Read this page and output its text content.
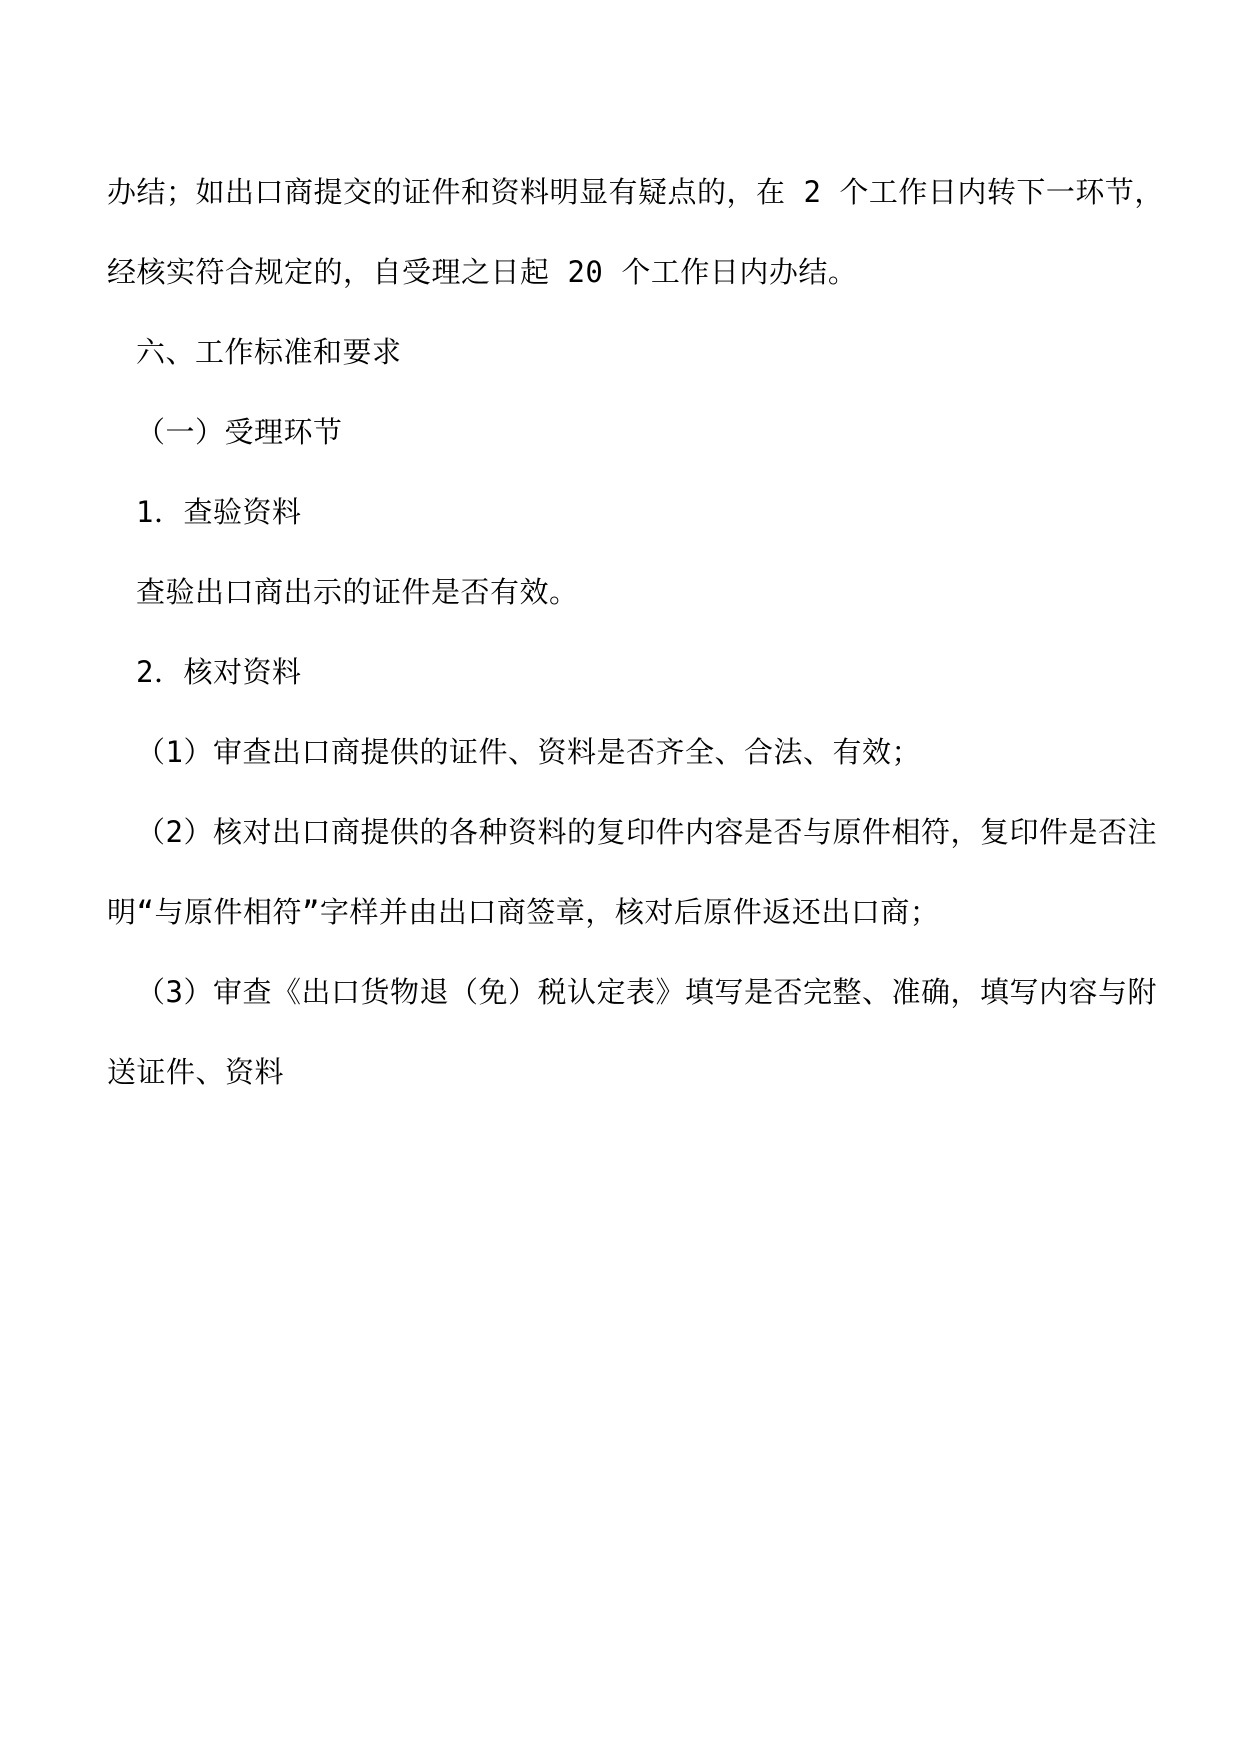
办结；如出口商提交的证件和资料明显有疑点的，在 2 个工作日内转下一环节，
经核实符合规定的，自受理之日起 20 个工作日内办结。
六、工作标准和要求
（一）受理环节
1．查验资料
查验出口商出示的证件是否有效。
2．核对资料
（1）审查出口商提供的证件、资料是否齐全、合法、有效；
（2）核对出口商提供的各种资料的复印件内容是否与原件相符，复印件是否注
明“与原件相符”字样并由出口商签章，核对后原件返还出口商；
（3）审查《出口货物退（免）税认定表》填写是否完整、准确，填写内容与附
送证件、资料
